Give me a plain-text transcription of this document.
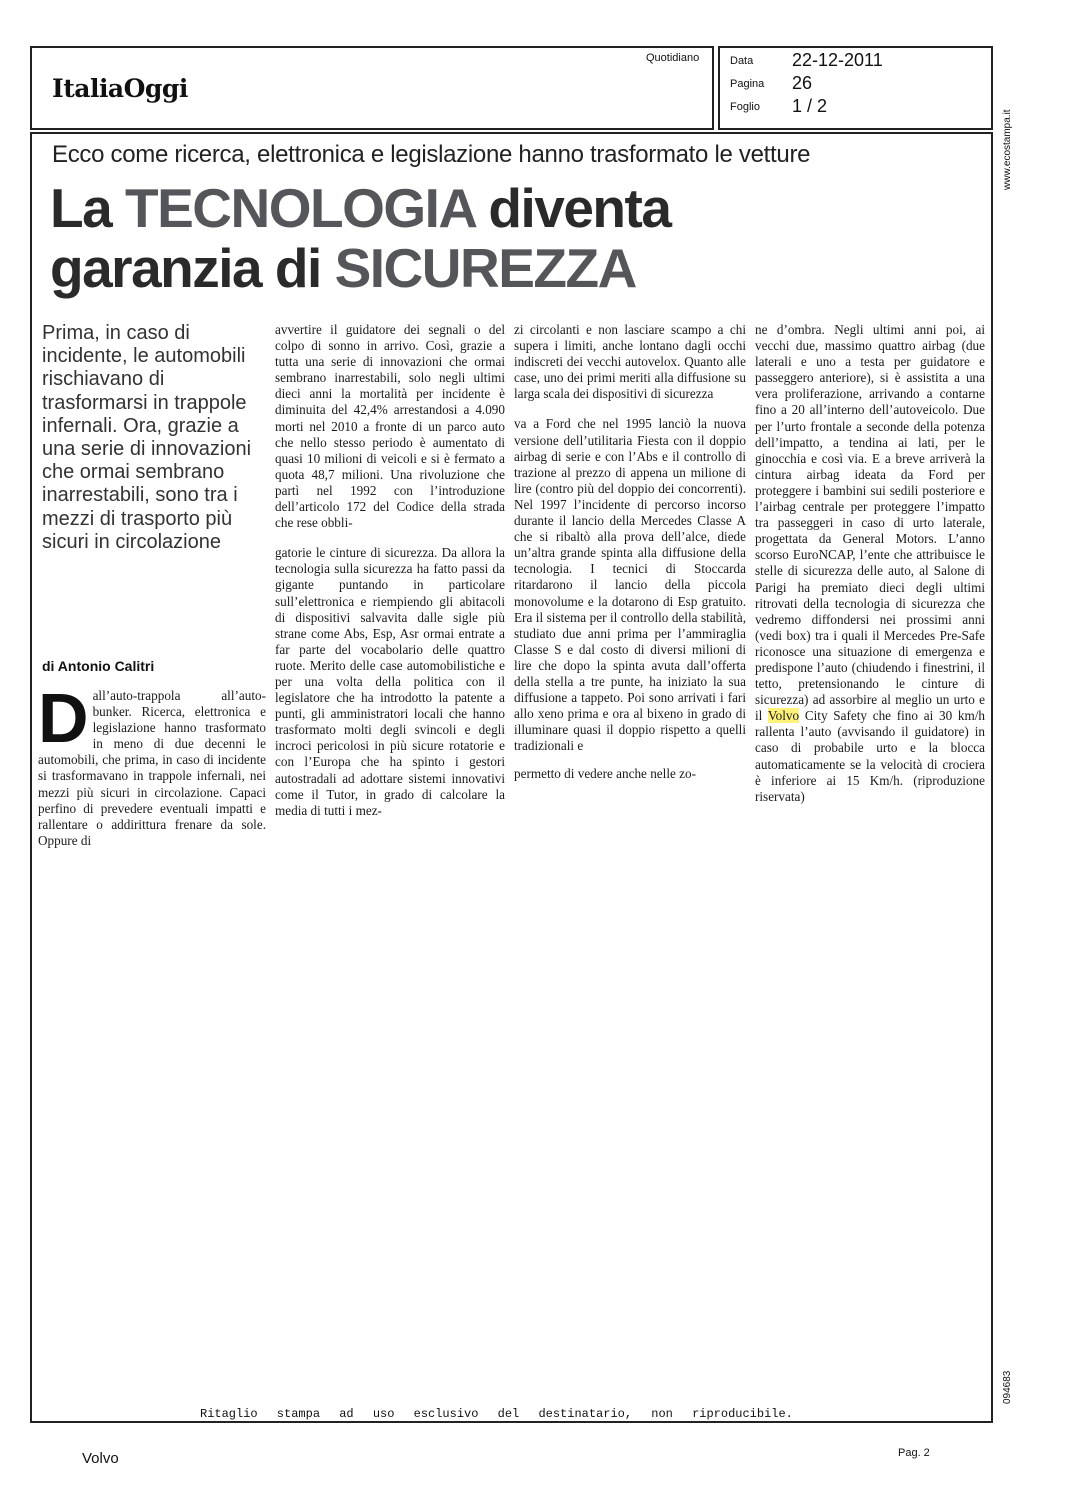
ItaliaOggi
Quotidiano	Data 22-12-2011
Pagina 26
Foglio 1 / 2
Ecco come ricerca, elettronica e legislazione hanno trasformato le vetture
La TECNOLOGIA diventa
garanzia di SICUREZZA
Prima, in caso di incidente, le automobili rischiavano di trasformarsi in trappole infernali. Ora, grazie a una serie di innovazioni che ormai sembrano inarrestabili, sono tra i mezzi di trasporto più sicuri in circolazione
di Antonio Calitri
D all’auto-trappola all’auto-bunker. Ricerca, elettronica e legislazione hanno trasformato in meno di due decenni le automobili, che prima, in caso di incidente si trasformavano in trappole infernali, nei mezzi più sicuri in circolazione. Capaci perfino di prevedere eventuali impatti e rallentare o addirittura frenare da sole. Oppure di

avvertire il guidatore dei segnali o del colpo di sonno in arrivo. Così, grazie a tutta una serie di innovazioni che ormai sembrano inarrestabili, solo negli ultimi dieci anni la mortalità per incidente è diminuita del 42,4% arrestandosi a 4.090 morti nel 2010 a fronte di un parco auto che nello stesso periodo è aumentato di quasi 10 milioni di veicoli e si è fermato a quota 48,7 milioni. Una rivoluzione che partì nel 1992 con l’introduzione dell’articolo 172 del Codice della strada che rese obbli-

gatorie le cinture di sicurezza. Da allora la tecnologia sulla sicurezza ha fatto passi da gigante puntando in particolare sull’elettronica e riempiendo gli abitacoli di dispositivi salvavita dalle sigle più strane come Abs, Esp, Asr ormai entrate a far parte del vocabolario delle quattro ruote. Merito delle case automobilistiche e per una volta della politica con il legislatore che ha introdotto la patente a punti, gli amministratori locali che hanno trasformato molti degli svincoli e degli incroci pericolosi in più sicure rotatorie e con l’Europa che ha spinto i gestori autostradali ad adottare sistemi innovativi come il Tutor, in grado di calcolare la media di tutti i mez-

zi circolanti e non lasciare scampo a chi supera i limiti, anche lontano dagli occhi indiscreti dei vecchi autovelox. Quanto alle case, uno dei primi meriti alla diffusione su larga scala dei dispositivi di sicurezza

va a Ford che nel 1995 lanciò la nuova versione dell’utilitaria Fiesta con il doppio airbag di serie e con l’Abs e il controllo di trazione al prezzo di appena un milione di lire (contro più del doppio dei concorrenti). Nel 1997 l’incidente di percorso incorso durante il lancio della Mercedes Classe A che si ribaltò alla prova dell’alce, diede un’altra grande spinta alla diffusione della tecnologia. I tecnici di Stoccarda ritardarono il lancio della piccola monovolume e la dotarono di Esp gratuito. Era il sistema per il controllo della stabilità, studiato due anni prima per l’ammiraglia Classe S e dal costo di diversi milioni di lire che dopo la spinta avuta dall’offerta della stella a tre punte, ha iniziato la sua diffusione a tappeto. Poi sono arrivati i fari allo xeno prima e ora al bixeno in grado di illuminare quasi il doppio rispetto a quelli tradizionali e

permetto di vedere anche nelle zo-

ne d’ombra. Negli ultimi anni poi, ai vecchi due, massimo quattro airbag (due laterali e uno a testa per guidatore e passeggero anteriore), si è assistita a una vera proliferazione, arrivando a contarne fino a 20 all’interno dell’autoveicolo. Due per l’urto frontale a seconde della potenza dell’impatto, a tendina ai lati, per le ginocchia e così via. E a breve arriverà la cintura airbag ideata da Ford per proteggere i bambini sui sedili posteriore e l’airbag centrale per proteggere l’impatto tra passeggeri in caso di urto laterale, progettata da General Motors. L’anno scorso EuroNCAP, l’ente che attribuisce le stelle di sicurezza delle auto, al Salone di Parigi ha premiato dieci degli ultimi ritrovati della tecnologia di sicurezza che vedremo diffondersi nei prossimi anni (vedi box) tra i quali il Mercedes Pre-Safe riconosce una situazione di emergenza e predispone l’auto (chiudendo i finestrini, il tetto, pretensionando le cinture di sicurezza) ad assorbire al meglio un urto e il Volvo City Safety che fino ai 30 km/h rallenta l’auto (avvisando il guidatore) in caso di probabile urto e la blocca automaticamente se la velocità di crociera è inferiore ai 15 Km/h. (riproduzione riservata)

www.ecostampa.it
094683
Ritaglio stampa ad uso esclusivo del destinatario, non riproducibile.
Volvo	Pag. 2
